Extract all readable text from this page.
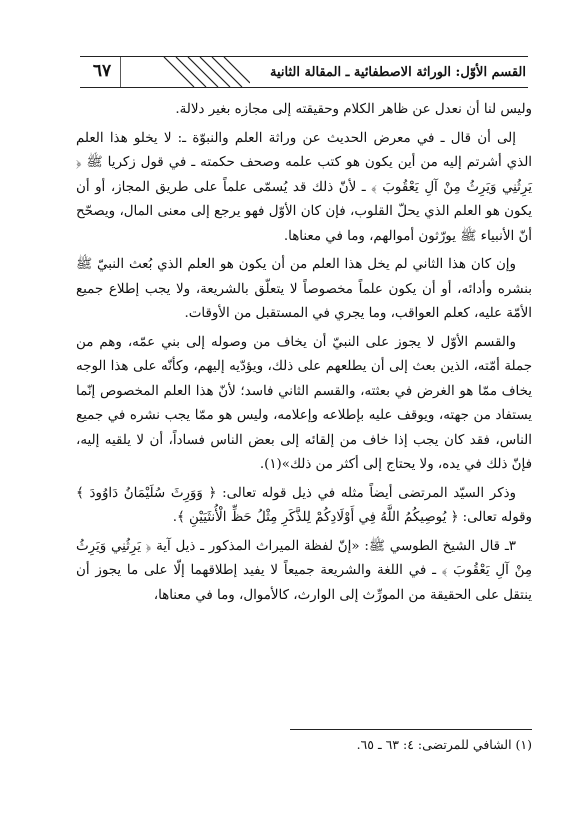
القسم الأوّل: الوراثة الاصطفائية ـ المقالة الثانية
٦٧

وليس لنا أن نعدل عن ظاهر الكلام وحقيقته إلى مجازه بغير دلالة.

إلى أن قال ـ في معرض الحديث عن وراثة العلم والنبوّة ـ: لا يخلو هذا العلم الذي أشرتم إليه من أين يكون هو كتب علمه وصحف حكمته ـ في قول زكريا ﷺ ﴿ يَرِثُنِي وَيَرِثُ مِنْ آلِ يَعْقُوبَ ﴾ ـ لأنّ ذلك قد يُسمّى علماً على طريق المجاز، أو أن يكون هو العلم الذي يحلّ القلوب، فإن كان الأوّل فهو يرجع إلى معنى المال، ويصحّح أنّ الأنبياء ﷺ يورّثون أموالهم، وما في معناها.

وإن كان هذا الثاني لم يخل هذا العلم من أن يكون هو العلم الذي بُعث النبيّ ﷺ بنشره وأدائه، أو أن يكون علماً مخصوصاً لا يتعلّق بالشريعة، ولا يجب إطلاع جميع الأمّة عليه، كعلم العواقب، وما يجري في المستقبل من الأوقات.

والقسم الأوّل لا يجوز على النبيّ أن يخاف من وصوله إلى بني عمّه، وهم من جملة أمّته، الذين بعث إلى أن يطلعهم على ذلك، ويؤدّيه إليهم، وكأنّه على هذا الوجه يخاف ممّا هو الغرض في بعثته، والقسم الثاني فاسد؛ لأنّ هذا العلم المخصوص إنّما يستفاد من جهته، ويوقف عليه بإطلاعه وإعلامه، وليس هو ممّا يجب نشره في جميع الناس، فقد كان يجب إذا خاف من إلقائه إلى بعض الناس فساداً، أن لا يلقيه إليه، فإنّ ذلك في يده، ولا يحتاج إلى أكثر من ذلك»(١).

وذكر السيّد المرتضى أيضاً مثله في ذيل قوله تعالى: ﴿ وَوَرِثَ سُلَيْمَانُ دَاوُودَ ﴾ وقوله تعالى: ﴿ يُوصِيكُمُ اللَّهُ فِي أَوْلَادِكُمْ لِلذَّكَرِ مِثْلُ حَظِّ الْأُنثَيَيْنِ ﴾.

٣ـ قال الشيخ الطوسي ﷺ: «إنّ لفظة الميراث المذكور ـ ذيل آية ﴿ يَرِثُنِي وَيَرِثُ مِنْ آلِ يَعْقُوبَ ﴾ ـ في اللغة والشريعة جميعاً لا يفيد إطلاقهما إلّا على ما يجوز أن ينتقل على الحقيقة من المورِّث إلى الوارث، كالأموال، وما في معناها،

(١) الشافي للمرتضى: ٤: ٦٣ ـ ٦٥.
